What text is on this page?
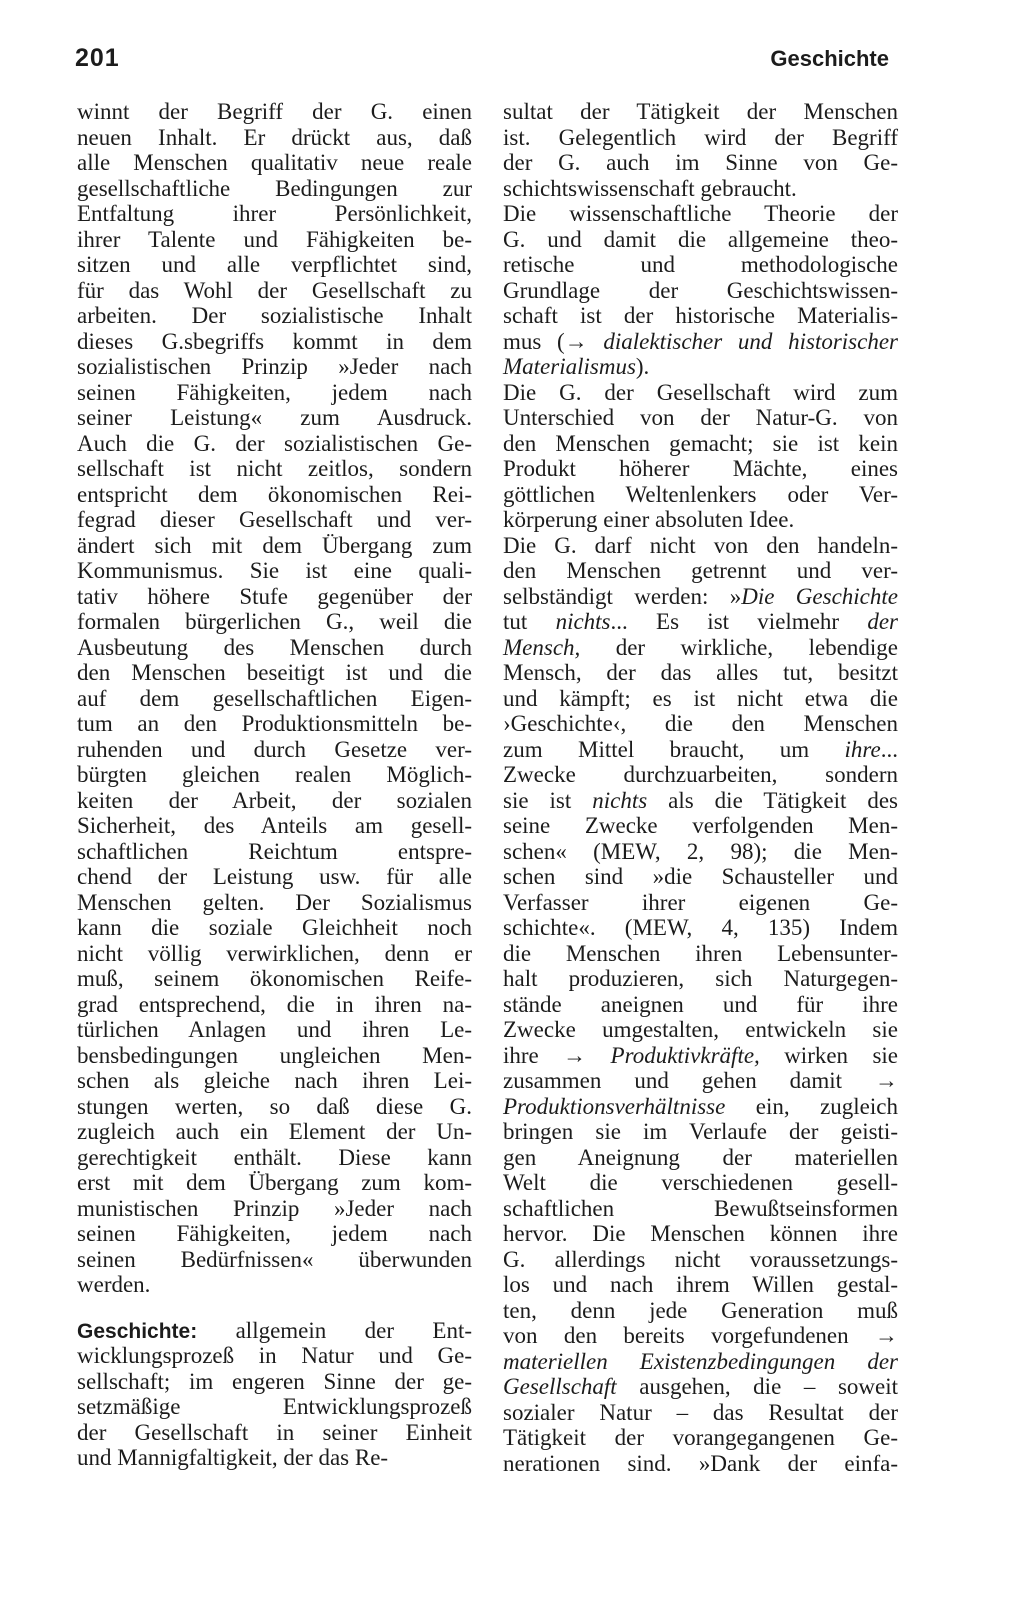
201	Geschichte
winnt der Begriff der G. einen
neuen Inhalt. Er drückt aus, daß
alle Menschen qualitativ neue reale
gesellschaftliche Bedingungen zur
Entfaltung ihrer Persönlichkeit,
ihrer Talente und Fähigkeiten be-
sitzen und alle verpflichtet sind,
für das Wohl der Gesellschaft zu
arbeiten. Der sozialistische Inhalt
dieses G.sbegriffs kommt in dem
sozialistischen Prinzip »Jeder nach
seinen Fähigkeiten, jedem nach
seiner Leistung« zum Ausdruck.
Auch die G. der sozialistischen Ge-
sellschaft ist nicht zeitlos, sondern
entspricht dem ökonomischen Rei-
fegrad dieser Gesellschaft und ver-
ändert sich mit dem Übergang zum
Kommunismus. Sie ist eine quali-
tativ höhere Stufe gegenüber der
formalen bürgerlichen G., weil die
Ausbeutung des Menschen durch
den Menschen beseitigt ist und die
auf dem gesellschaftlichen Eigen-
tum an den Produktionsmitteln be-
ruhenden und durch Gesetze ver-
bürgten gleichen realen Möglich-
keiten der Arbeit, der sozialen
Sicherheit, des Anteils am gesell-
schaftlichen Reichtum entspre-
chend der Leistung usw. für alle
Menschen gelten. Der Sozialismus
kann die soziale Gleichheit noch
nicht völlig verwirklichen, denn er
muß, seinem ökonomischen Reife-
grad entsprechend, die in ihren na-
türlichen Anlagen und ihren Le-
bensbedingungen ungleichen Men-
schen als gleiche nach ihren Lei-
stungen werten, so daß diese G.
zugleich auch ein Element der Un-
gerechtigkeit enthält. Diese kann
erst mit dem Übergang zum kom-
munistischen Prinzip »Jeder nach
seinen Fähigkeiten, jedem nach
seinen Bedürfnissen« überwunden
werden.
Geschichte: allgemein der Ent-
wicklungsprozeß in Natur und Ge-
sellschaft; im engeren Sinne der ge-
setzmäßige Entwicklungsprozeß
der Gesellschaft in seiner Einheit
und Mannigfaltigkeit, der das Re-
sultat der Tätigkeit der Menschen
ist. Gelegentlich wird der Begriff
der G. auch im Sinne von Ge-
schichtswissenschaft gebraucht.
Die wissenschaftliche Theorie der
G. und damit die allgemeine theo-
retische und methodologische
Grundlage der Geschichtswissen-
schaft ist der historische Materialis-
mus (→ dialektischer und historischer
Materialismus).
Die G. der Gesellschaft wird zum
Unterschied von der Natur-G. von
den Menschen gemacht; sie ist kein
Produkt höherer Mächte, eines
göttlichen Weltenlenkers oder Ver-
körperung einer absoluten Idee.
Die G. darf nicht von den handeln-
den Menschen getrennt und ver-
selbständigt werden: »Die Geschichte
tut nichts... Es ist vielmehr der
Mensch, der wirkliche, lebendige
Mensch, der das alles tut, besitzt
und kämpft; es ist nicht etwa die
›Geschichte‹, die den Menschen
zum Mittel braucht, um ihre...
Zwecke durchzuarbeiten, sondern
sie ist nichts als die Tätigkeit des
seine Zwecke verfolgenden Men-
schen« (MEW, 2, 98); die Men-
schen sind »die Schausteller und
Verfasser ihrer eigenen Ge-
schichte«. (MEW, 4, 135) Indem
die Menschen ihren Lebensunter-
halt produzieren, sich Naturgegen-
stände aneignen und für ihre
Zwecke umgestalten, entwickeln sie
ihre → Produktivkräfte, wirken sie
zusammen und gehen damit →
Produktionsverhältnisse ein, zugleich
bringen sie im Verlaufe der geisti-
gen Aneignung der materiellen
Welt die verschiedenen gesell-
schaftlichen Bewußtseinsformen
hervor. Die Menschen können ihre
G. allerdings nicht voraussetzungs-
los und nach ihrem Willen gestal-
ten, denn jede Generation muß
von den bereits vorgefundenen →
materiellen Existenzbedingungen der
Gesellschaft ausgehen, die – soweit
sozialer Natur – das Resultat der
Tätigkeit der vorangegangenen Ge-
nerationen sind. »Dank der einfa-
